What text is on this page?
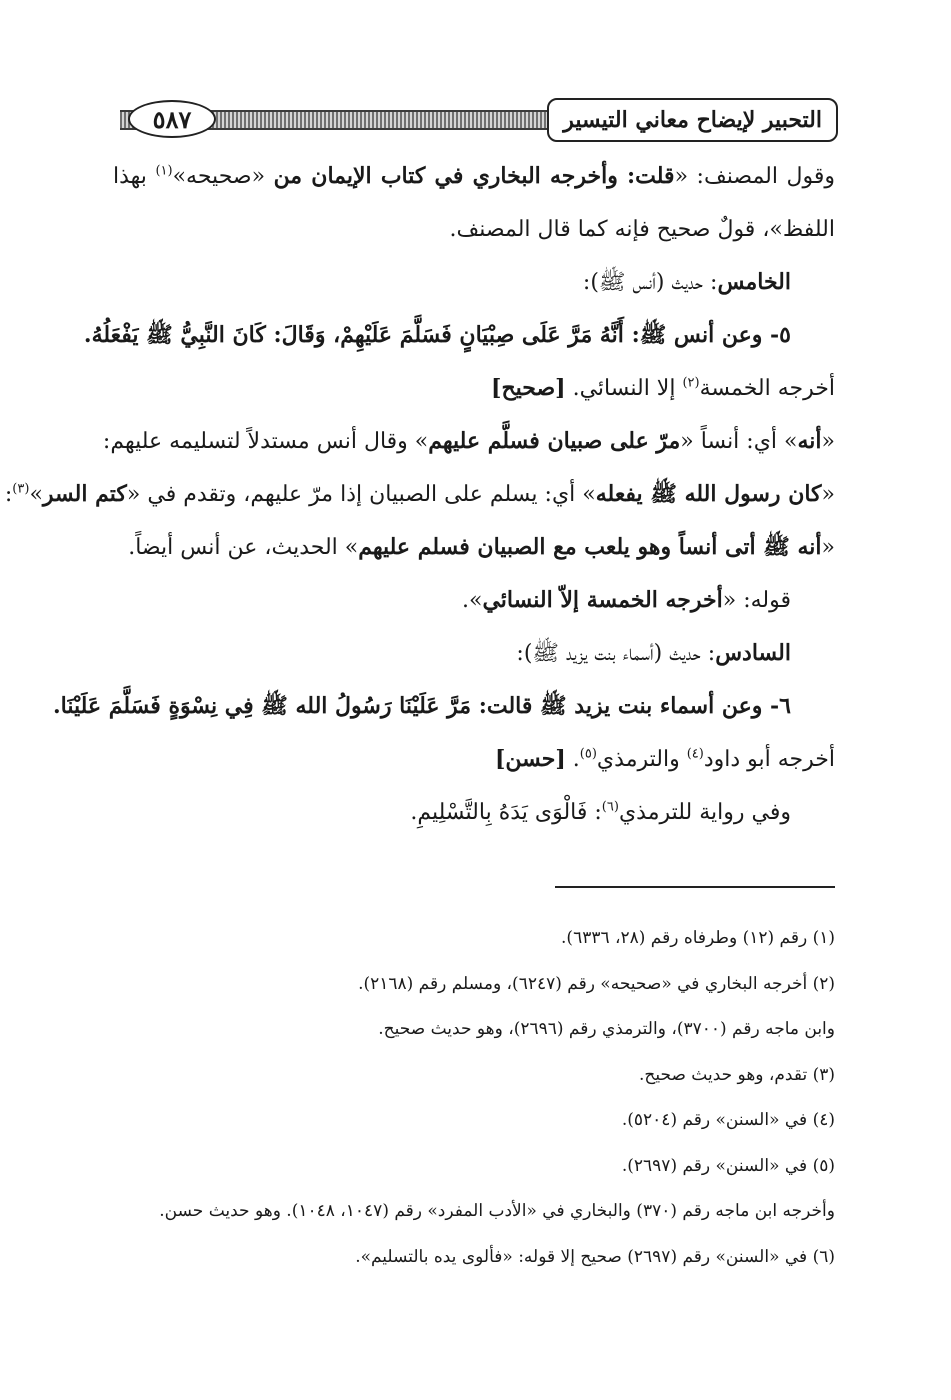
التحبير لإيضاح معاني التيسير
٥٨٧
وقول المصنف: «قلت: وأخرجه البخاري في كتاب الإيمان من «صحيحه»$^{(١)}$ بهذا
اللفظ»، قولٌ صحيح فإنه كما قال المصنف.
الخامس: حديث (أنس ﷺ):
٥- وعن أنس ﷺ: أَنَّهُ مَرَّ عَلَى صِبْيَانٍ فَسَلَّمَ عَلَيْهِمْ، وَقَالَ: كَانَ النَّبِيُّ ﷺ يَفْعَلُهُ.
أخرجه الخمسة$^{(٢)}$ إلا النسائي. [صحيح]
«أنه» أي: أنساً «مرّ على صبيان فسلَّم عليهم» وقال أنس مستدلاً لتسليمه عليهم:
«كان رسول الله ﷺ يفعله» أي: يسلم على الصبيان إذا مرّ عليهم، وتقدم في «كتم السر»$^{(٣)}$:
«أنه ﷺ أتى أنساً وهو يلعب مع الصبيان فسلم عليهم» الحديث، عن أنس أيضاً.
قوله: «أخرجه الخمسة إلاّ النسائي».
السادس: حديث (أسماء بنت يزيد ﷺ):
٦- وعن أسماء بنت يزيد ﷺ قالت: مَرَّ عَلَيْنَا رَسُولُ الله ﷺ فِي نِسْوَةٍ فَسَلَّمَ عَلَيْنَا.
أخرجه أبو داود$^{(٤)}$ والترمذي$^{(٥)}$. [حسن]
وفي رواية للترمذي$^{(٦)}$: فَالْوَى يَدَهُ بِالتَّسْلِيمِ.
(١) رقم (١٢) وطرفاه رقم (٢٨، ٦٣٣٦).
(٢) أخرجه البخاري في «صحيحه» رقم (٦٢٤٧)، ومسلم رقم (٢١٦٨).
وابن ماجه رقم (٣٧٠٠)، والترمذي رقم (٢٦٩٦)، وهو حديث صحيح.
(٣) تقدم، وهو حديث صحيح.
(٤) في «السنن» رقم (٥٢٠٤).
(٥) في «السنن» رقم (٢٦٩٧).
وأخرجه ابن ماجه رقم (٣٧٠) والبخاري في «الأدب المفرد» رقم (١٠٤٧، ١٠٤٨). وهو حديث حسن.
(٦) في «السنن» رقم (٢٦٩٧) صحيح إلا قوله: «فألوى يده بالتسليم».
